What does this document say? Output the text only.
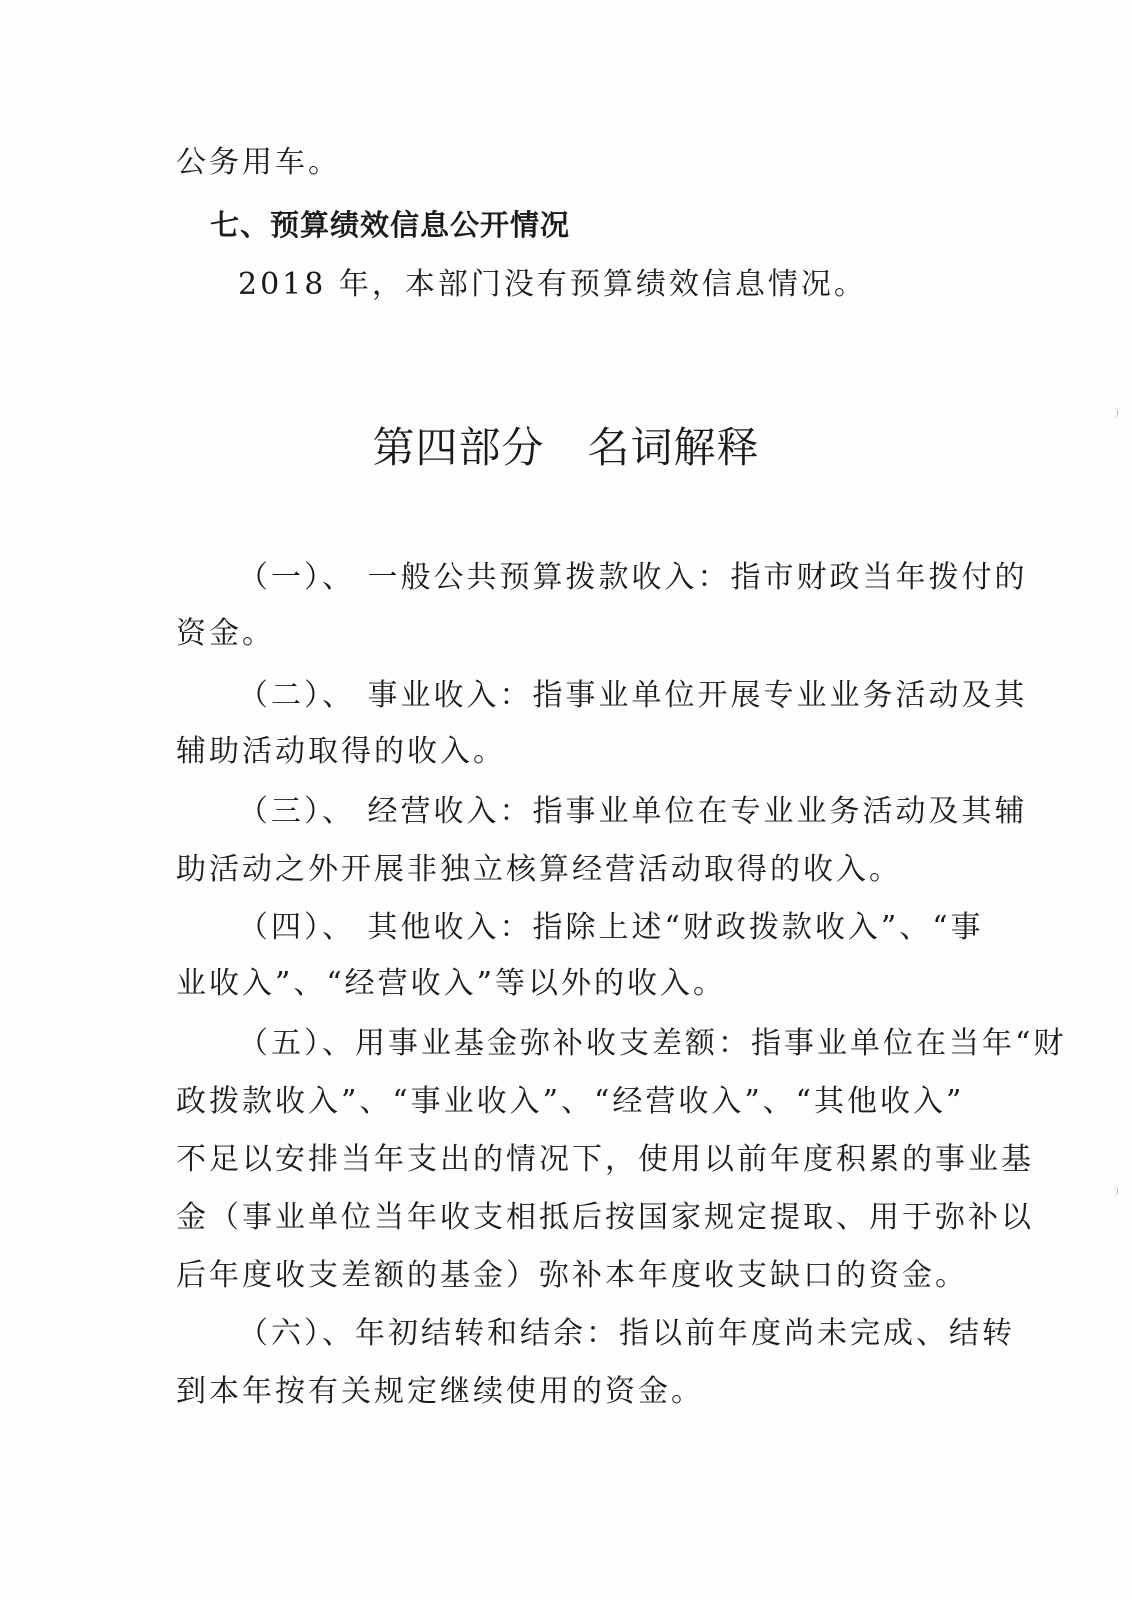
公务用车。
七、预算绩效信息公开情况
2018 年，本部门没有预算绩效信息情况。
第四部分　名词解释
（一）、 一般公共预算拨款收入：指市财政当年拨付的
资金。
（二）、 事业收入：指事业单位开展专业业务活动及其
辅助活动取得的收入。
（三）、 经营收入：指事业单位在专业业务活动及其辅
助活动之外开展非独立核算经营活动取得的收入。
（四）、 其他收入：指除上述“财政拨款收入”、“事
业收入”、“经营收入”等以外的收入。
（五）、用事业基金弥补收支差额：指事业单位在当年“财
政拨款收入”、“事业收入”、“经营收入”、“其他收入”
不足以安排当年支出的情况下，使用以前年度积累的事业基
金（事业单位当年收支相抵后按国家规定提取、用于弥补以
后年度收支差额的基金）弥补本年度收支缺口的资金。
（六）、年初结转和结余：指以前年度尚未完成、结转
到本年按有关规定继续使用的资金。
